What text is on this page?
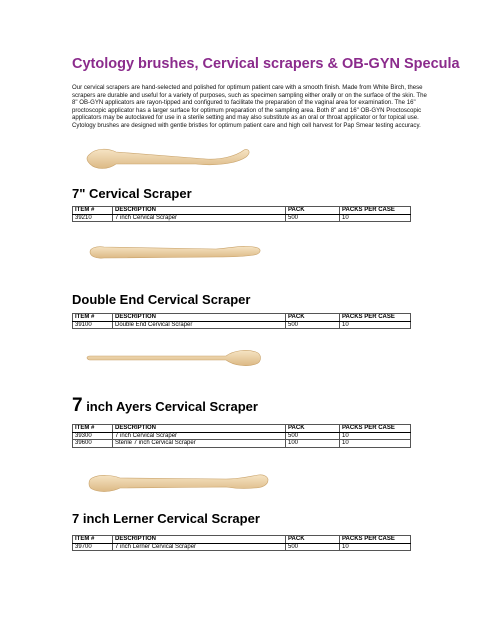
Cytology brushes, Cervical scrapers & OB-GYN Specula
Our cervical scrapers are hand-selected and polished for optimum patient care with a smooth finish. Made from White Birch, these scrapers are durable and useful for a variety of purposes, such as specimen sampling either orally or on the surface of the skin. The 8" OB-GYN applicators are rayon-tipped and configured to facilitate the preparation of the vaginal area for examination. The 16" proctoscopic applicator has a larger surface for optimum preparation of the sampling area. Both 8" and 16" OB-GYN Proctoscopic applicators may be autoclaved for use in a sterile setting and may also substitute as an oral or throat applicator or for topical use. Cytology brushes are designed with gentle bristles for optimum patient care and high cell harvest for Pap Smear testing accuracy.
7" Cervical Scraper
ITEM #	DESCRIPTION	PACK	PACKS PER CASE
39210	7 inch Cervical Scraper	500	10
Double End Cervical Scraper
ITEM #	DESCRIPTION	PACK	PACKS PER CASE
39100	Double End Cervical Scraper	500	10
7 inch Ayers Cervical Scraper
ITEM #	DESCRIPTION	PACK	PACKS PER CASE
39300	7 inch Cervical Scraper	500	10
39600	Sterile 7 inch Cervical Scraper	100	10
7 inch Lerner Cervical Scraper
ITEM #	DESCRIPTION	PACK	PACKS PER CASE
39700	7 inch Lerner Cervical Scraper	500	10
